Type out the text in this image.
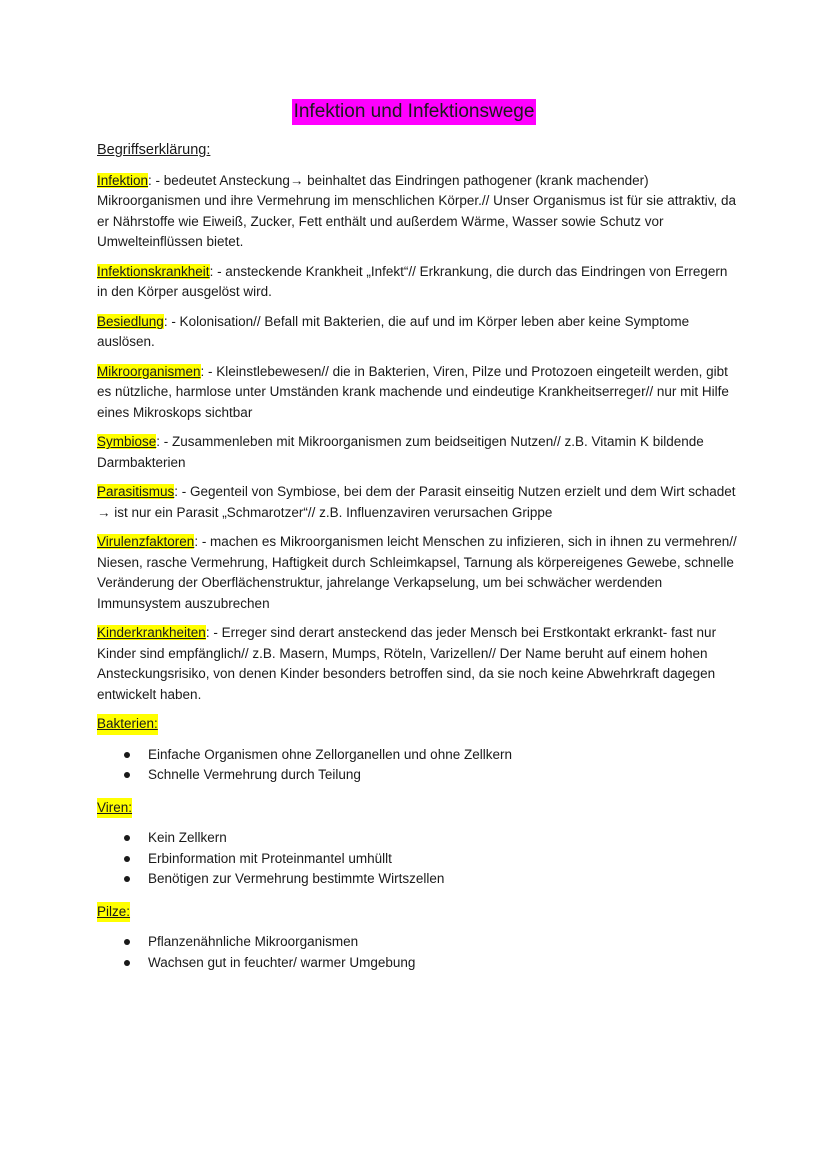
Infektion und Infektionswege
Begriffserklärung:

Infektion: - bedeutet Ansteckung→ beinhaltet das Eindringen pathogener (krank machender) Mikroorganismen und ihre Vermehrung im menschlichen Körper.// Unser Organismus ist für sie attraktiv, da er Nährstoffe wie Eiweiß, Zucker, Fett enthält und außerdem Wärme, Wasser sowie Schutz vor Umwelteinflüssen bietet.

Infektionskrankheit: - ansteckende Krankheit „Infekt“// Erkrankung, die durch das Eindringen von Erregern in den Körper ausgelöst wird.

Besiedlung: - Kolonisation// Befall mit Bakterien, die auf und im Körper leben aber keine Symptome auslösen.

Mikroorganismen: - Kleinstlebewesen// die in Bakterien, Viren, Pilze und Protozoen eingeteilt werden, gibt es nützliche, harmlose unter Umständen krank machende und eindeutige Krankheitserreger// nur mit Hilfe eines Mikroskops sichtbar

Symbiose: - Zusammenleben mit Mikroorganismen zum beidseitigen Nutzen// z.B. Vitamin K bildende Darmbakterien

Parasitismus: - Gegenteil von Symbiose, bei dem der Parasit einseitig Nutzen erzielt und dem Wirt schadet → ist nur ein Parasit „Schmarotzer“// z.B. Influenzaviren verursachen Grippe

Virulenzfaktoren: - machen es Mikroorganismen leicht Menschen zu infizieren, sich in ihnen zu vermehren// Niesen, rasche Vermehrung, Haftigkeit durch Schleimkapsel, Tarnung als körpereigenes Gewebe, schnelle Veränderung der Oberflächenstruktur, jahrelange Verkapselung, um bei schwächer werdenden Immunsystem auszubrechen

Kinderkrankheiten: - Erreger sind derart ansteckend das jeder Mensch bei Erstkontakt erkrankt- fast nur Kinder sind empfänglich// z.B. Masern, Mumps, Röteln, Varizellen// Der Name beruht auf einem hohen Ansteckungsrisiko, von denen Kinder besonders betroffen sind, da sie noch keine Abwehrkraft dagegen entwickelt haben.

Bakterien:
Einfache Organismen ohne Zellorganellen und ohne Zellkern
Schnelle Vermehrung durch Teilung
Viren:
Kein Zellkern
Erbinformation mit Proteinmantel umhüllt
Benötigen zur Vermehrung bestimmte Wirtszellen
Pilze:
Pflanzenähnliche Mikroorganismen
Wachsen gut in feuchter/ warmer Umgebung
